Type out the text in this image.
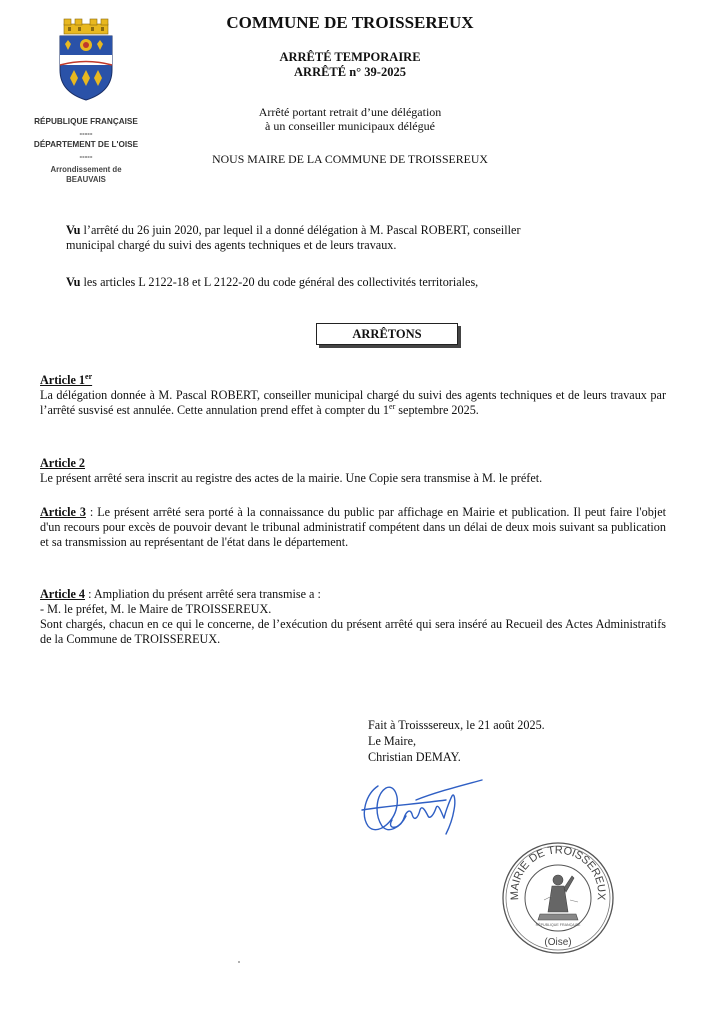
RÉPUBLIQUE FRANÇAISE
-----
DÉPARTEMENT DE L'OISE
-----
Arrondissement de
BEAUVAIS
COMMUNE DE TROISSEREUX
ARRÊTÉ TEMPORAIRE
ARRÊTÉ n° 39-2025
Arrêté portant retrait d’une délégation
à un conseiller municipaux délégué
NOUS MAIRE DE LA COMMUNE DE TROISSEREUX
Vu l’arrêté du 26 juin 2020, par lequel il a donné délégation à M. Pascal ROBERT, conseiller
municipal chargé du suivi des agents techniques et de leurs travaux.
Vu les articles L 2122-18 et L 2122-20 du code général des collectivités territoriales,
ARRÊTONS
Article 1er
La délégation donnée à M. Pascal ROBERT, conseiller municipal chargé du suivi des agents techniques et de leurs travaux par l’arrêté susvisé est annulée. Cette annulation prend effet à compter du 1er septembre 2025.
Article 2
Le présent arrêté sera inscrit au registre des actes de la mairie. Une Copie sera transmise à M. le préfet.
Article 3 : Le présent arrêté sera porté à la connaissance du public par affichage en Mairie et publication. Il peut faire l'objet d'un recours pour excès de pouvoir devant le tribunal administratif compétent dans un délai de deux mois suivant sa publication et sa transmission au représentant de l'état dans le département.
Article 4 : Ampliation du présent arrêté sera transmise a :
- M. le préfet, M. le Maire de TROISSEREUX.
Sont chargés, chacun en ce qui le concerne, de l’exécution du présent arrêté qui sera inséré au Recueil des Actes Administratifs de la Commune de TROISSEREUX.
Fait à Troisssereux, le 21 août 2025.
Le Maire,
Christian DEMAY.
MAIRIE DE TROISSEREUX
RÉPUBLIQUE FRANÇAISE
(Oise)
